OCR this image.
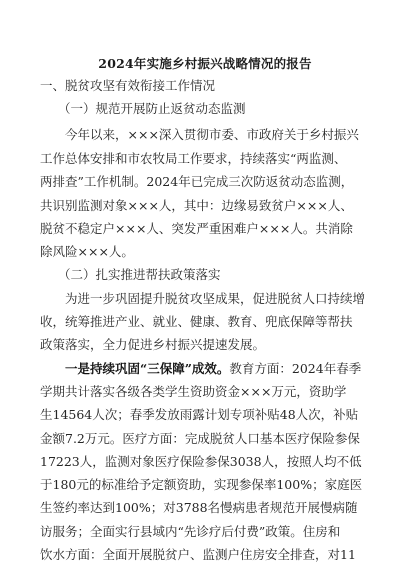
2024年实施乡村振兴战略情况的报告
一、脱贫攻坚有效衔接工作情况
（一）规范开展防止返贫动态监测
今年以来，×××深入贯彻市委、市政府关于乡村振兴
工作总体安排和市农牧局工作要求，持续落实“两监测、
两排查”工作机制。2024年已完成三次防返贫动态监测，
共识别监测对象×××人，其中：边缘易致贫户×××人、
脱贫不稳定户×××人、突发严重困难户×××人。共消除
除风险×××人。
（二）扎实推进帮扶政策落实
为进一步巩固提升脱贫攻坚成果，促进脱贫人口持续增
收，统筹推进产业、就业、健康、教育、兜底保障等帮扶
政策落实，全力促进乡村振兴提速发展。
一是持续巩固“三保障”成效。教育方面：2024年春季
学期共计落实各级各类学生资助资金×××万元，资助学
生14564人次；春季发放雨露计划专项补贴48人次，补贴
金额7.2万元。医疗方面：完成脱贫人口基本医疗保险参保
17223人，监测对象医疗保险参保3038人，按照人均不低
于180元的标准给予定额资助，实现参保率100%；家庭医
生签约率达到100%；对3788名慢病患者规范开展慢病随
访服务；全面实行县域内“先诊疗后付费”政策。住房和
饮水方面：全面开展脱贫户、监测户住房安全排查，对11
